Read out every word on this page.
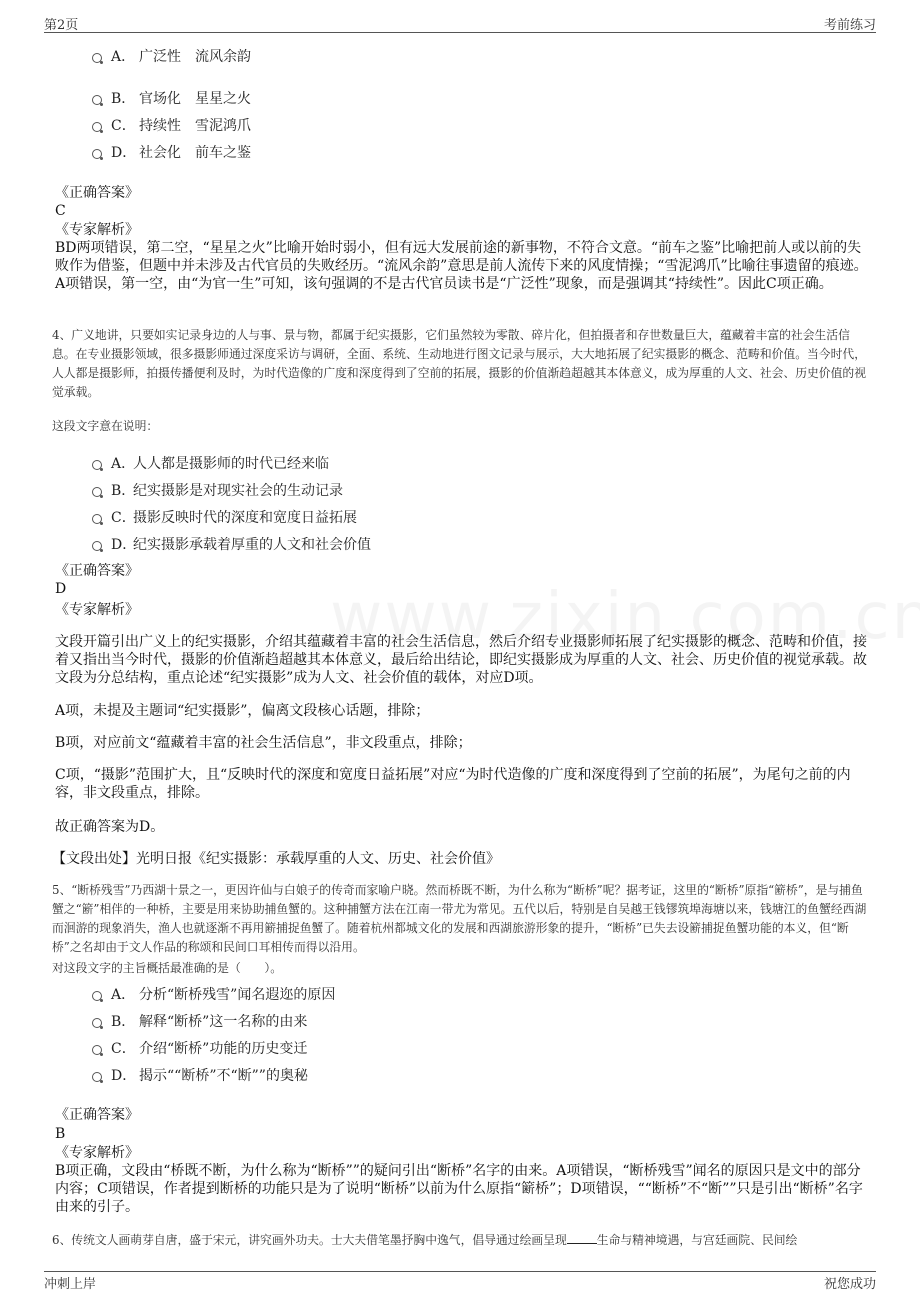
第2页	考前练习
A． 广泛性 流风余韵
B． 官场化 星星之火
C． 持续性 雪泥鸿爪
D． 社会化 前车之鉴
《正确答案》
C
《专家解析》
BD两项错误，第二空，“星星之火”比喻开始时弱小，但有远大发展前途的新事物，不符合文意。“前车之鉴”比喻把前人或以前的失败作为借鉴，但题中并未涉及古代官员的失败经历。“流风余韵”意思是前人流传下来的风度情操；“雪泥鸿爪”比喻往事遗留的痕迹。A项错误，第一空，由“为官一生”可知，该句强调的不是古代官员读书是“广泛性”现象，而是强调其“持续性”。因此C项正确。
4、广义地讲，只要如实记录身边的人与事、景与物，都属于纪实摄影，它们虽然较为零散、碎片化，但拍摄者和存世数量巨大，蕴藏着丰富的社会生活信息。在专业摄影领域，很多摄影师通过深度采访与调研，全面、系统、生动地进行图文记录与展示，大大地拓展了纪实摄影的概念、范畴和价值。当今时代，人人都是摄影师，拍摄传播便利及时，为时代造像的广度和深度得到了空前的拓展，摄影的价值渐趋超越其本体意义，成为厚重的人文、社会、历史价值的视觉承载。
这段文字意在说明：
A．
人人都是摄影师的时代已经来临
B．
纪实摄影是对现实社会的生动记录
C．
摄影反映时代的深度和宽度日益拓展
D．
纪实摄影承载着厚重的人文和社会价值
《正确答案》
D
《专家解析》
文段开篇引出广义上的纪实摄影，介绍其蕴藏着丰富的社会生活信息，然后介绍专业摄影师拓展了纪实摄影的概念、范畴和价值，接着又指出当今时代，摄影的价值渐趋超越其本体意义，最后给出结论，即纪实摄影成为厚重的人文、社会、历史价值的视觉承载。故文段为分总结构，重点论述“纪实摄影”成为人文、社会价值的载体，对应D项。
A项，未提及主题词“纪实摄影”，偏离文段核心话题，排除；
B项，对应前文“蕴藏着丰富的社会生活信息”，非文段重点，排除；
C项，“摄影”范围扩大，且“反映时代的深度和宽度日益拓展”对应“为时代造像的广度和深度得到了空前的拓展”，为尾句之前的内容，非文段重点，排除。
故正确答案为D。
【文段出处】光明日报《纪实摄影：承载厚重的人文、历史、社会价值》
5、“断桥残雪”乃西湖十景之一，更因许仙与白娘子的传奇而家喻户晓。然而桥既不断，为什么称为“断桥”呢？据考证，这里的“断桥”原指“簖桥”，是与捕鱼蟹之“簖”相伴的一种桥，主要是用来协助捕鱼蟹的。这种捕蟹方法在江南一带尤为常见。五代以后，特别是自吴越王钱镠筑埠海塘以来，钱塘江的鱼蟹经西湖而洄游的现象消失，渔人也就逐渐不再用簖捕捉鱼蟹了。随着杭州都城文化的发展和西湖旅游形象的提升，“断桥”已失去设簖捕捉鱼蟹功能的本义，但“断桥”之名却由于文人作品的称颂和民间口耳相传而得以沿用。
对这段文字的主旨概括最准确的是（　　）。
A． 分析“断桥残雪”闻名遐迩的原因
B． 解释“断桥”这一名称的由来
C． 介绍“断桥”功能的历史变迁
D． 揭示““断桥”不“断””的奥秘
《正确答案》
B
《专家解析》
B项正确，文段由“桥既不断，为什么称为“断桥””的疑问引出“断桥”名字的由来。A项错误，“断桥残雪”闻名的原因只是文中的部分内容；C项错误，作者提到断桥的功能只是为了说明“断桥”以前为什么原指“簖桥”；D项错误，““断桥”不“断””只是引出“断桥”名字由来的引子。
6、传统文人画萌芽自唐，盛于宋元，讲究画外功夫。士大夫借笔墨抒胸中逸气，倡导通过绘画呈现	生命与精神境遇，与宫廷画院、民间绘
冲刺上岸	祝您成功
